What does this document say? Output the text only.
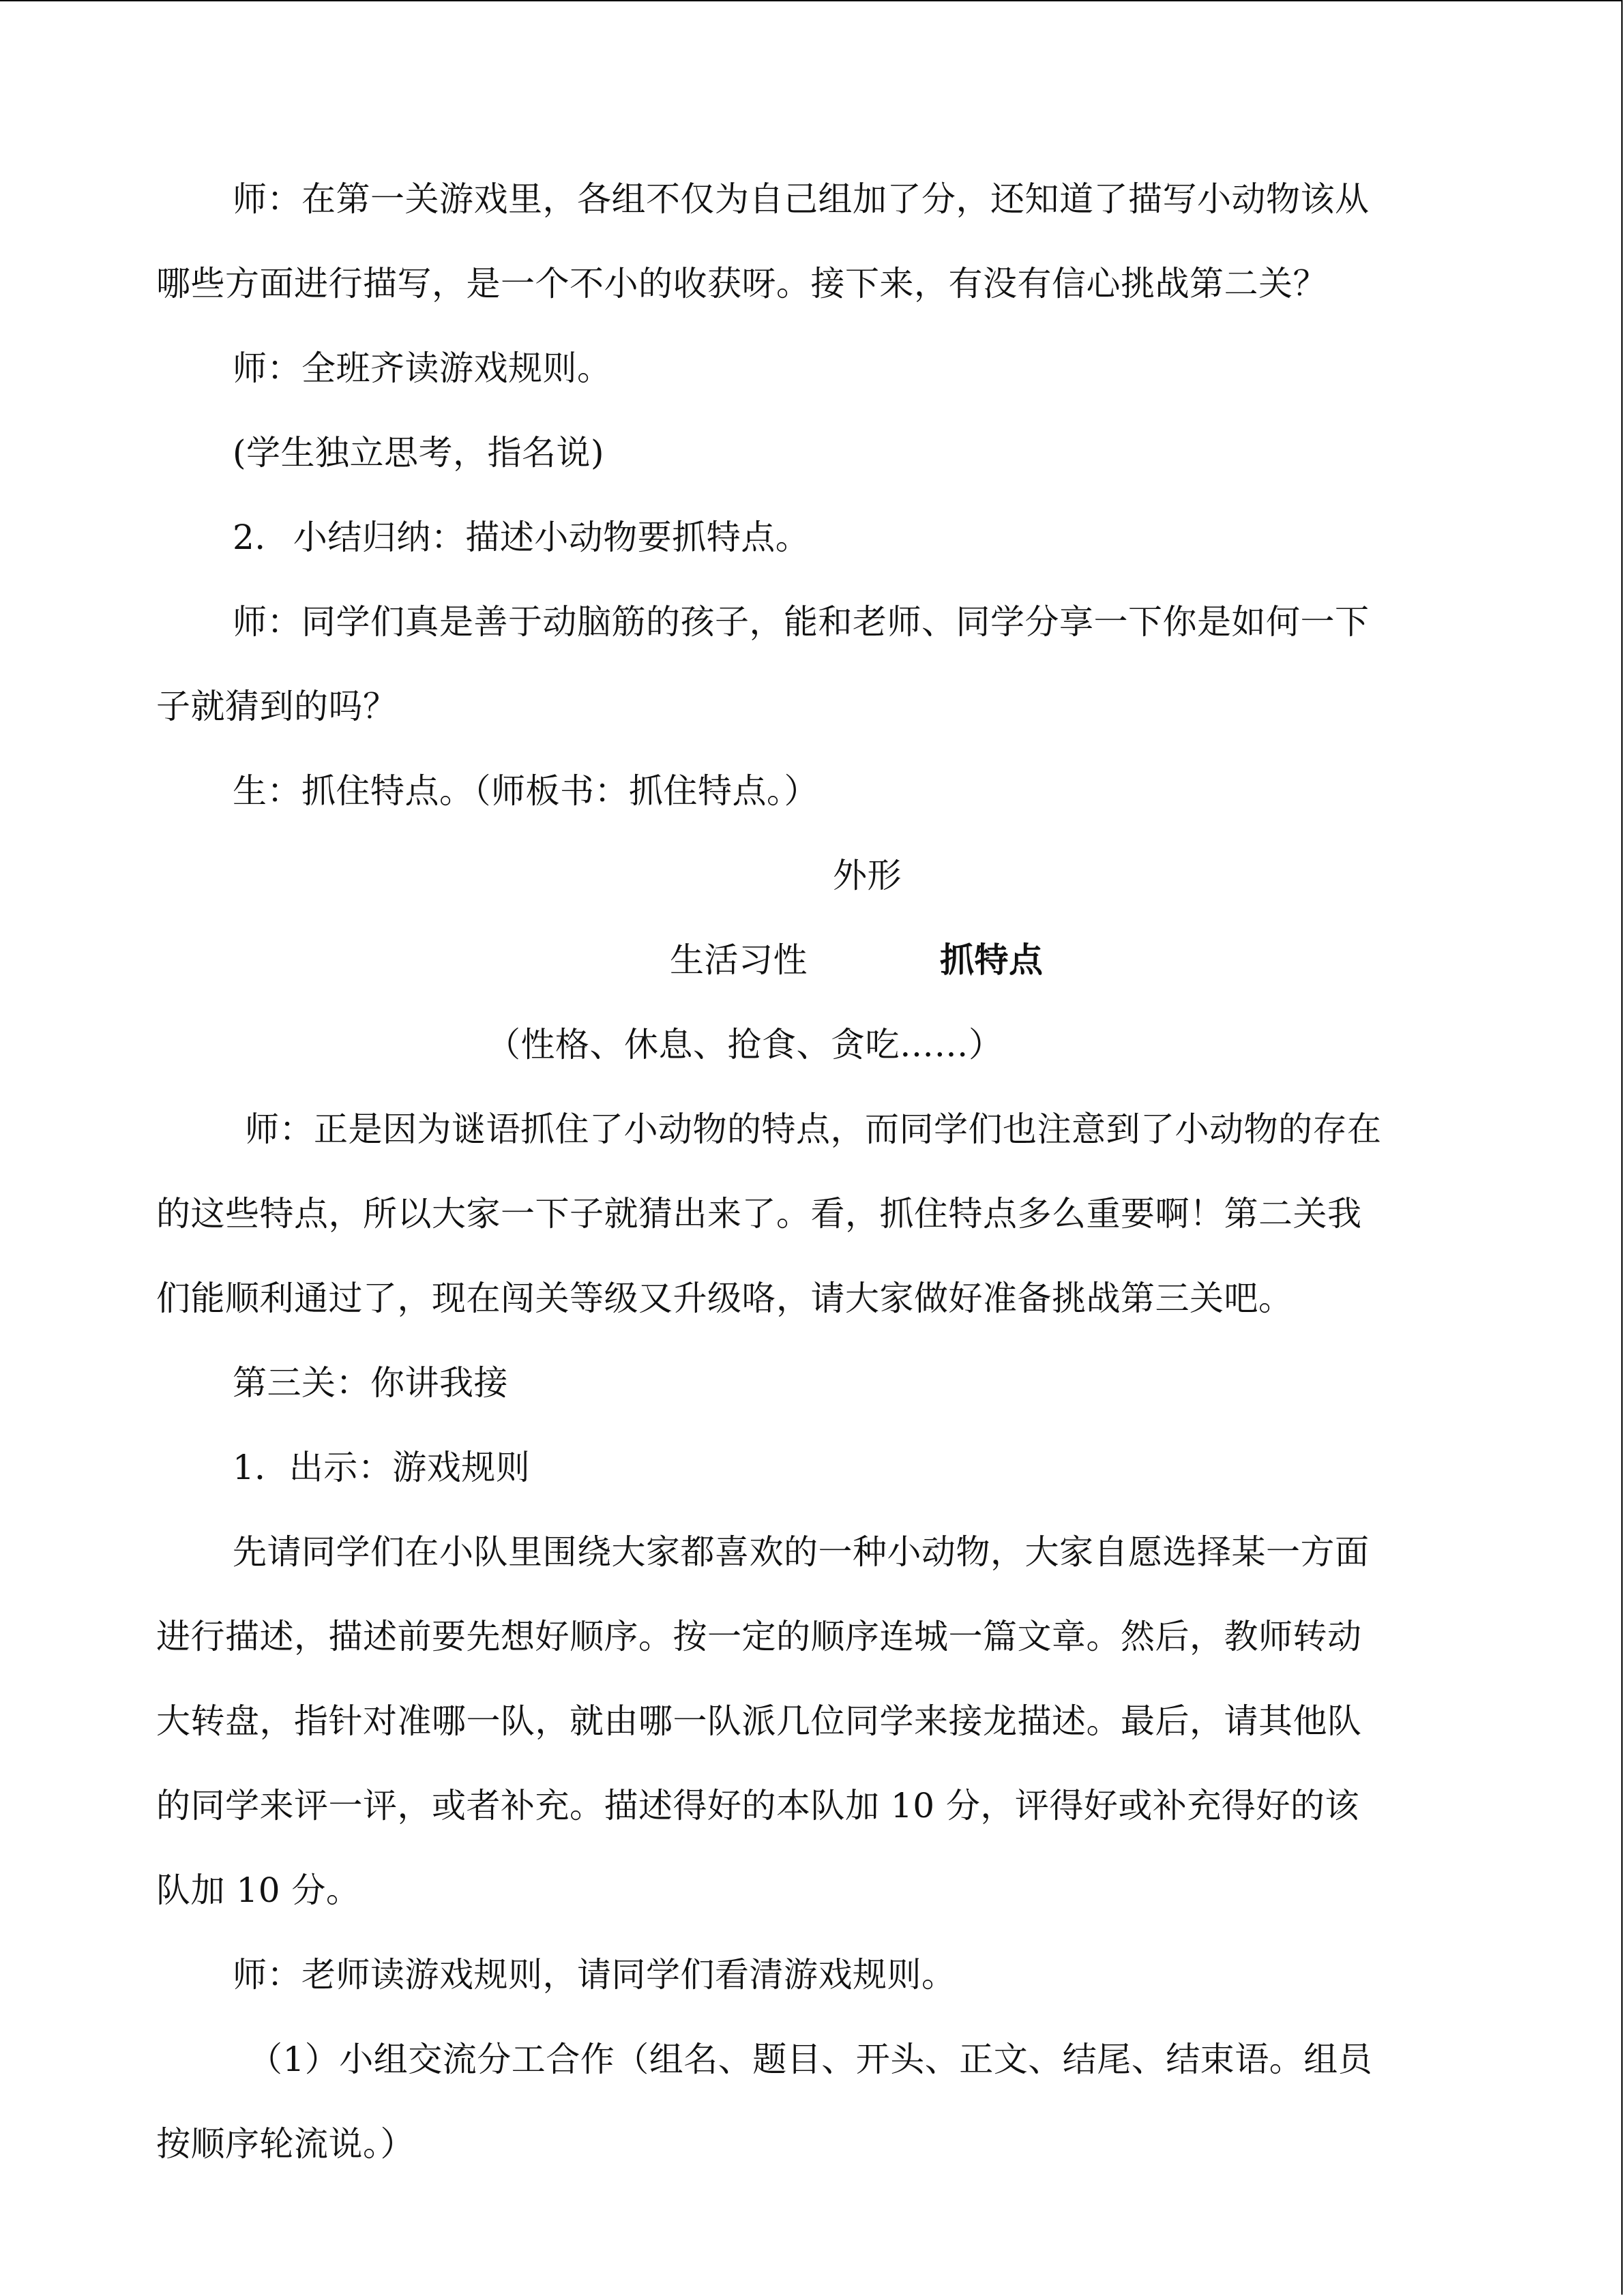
师：在第一关游戏里，各组不仅为自己组加了分，还知道了描写小动物该从
哪些方面进行描写，是一个不小的收获呀。接下来，有没有信心挑战第二关？
师：全班齐读游戏规则。
(学生独立思考，指名说)
2. 小结归纳：描述小动物要抓特点。
师：同学们真是善于动脑筋的孩子，能和老师、同学分享一下你是如何一下
子就猜到的吗？
生：抓住特点。（师板书：抓住特点。）
外形
生活习性	抓特点
（性格、休息、抢食、贪吃……）
师：正是因为谜语抓住了小动物的特点，而同学们也注意到了小动物的存在
的这些特点，所以大家一下子就猜出来了。看，抓住特点多么重要啊！第二关我
们能顺利通过了，现在闯关等级又升级咯，请大家做好准备挑战第三关吧。
第三关：你讲我接
1．出示：游戏规则
先请同学们在小队里围绕大家都喜欢的一种小动物，大家自愿选择某一方面
进行描述，描述前要先想好顺序。按一定的顺序连城一篇文章。然后，教师转动
大转盘，指针对准哪一队，就由哪一队派几位同学来接龙描述。最后，请其他队
的同学来评一评，或者补充。描述得好的本队加 10 分，评得好或补充得好的该
队加 10 分。
师：老师读游戏规则，请同学们看清游戏规则。
（1）小组交流分工合作（组名、题目、开头、正文、结尾、结束语。组员
按顺序轮流说。）
